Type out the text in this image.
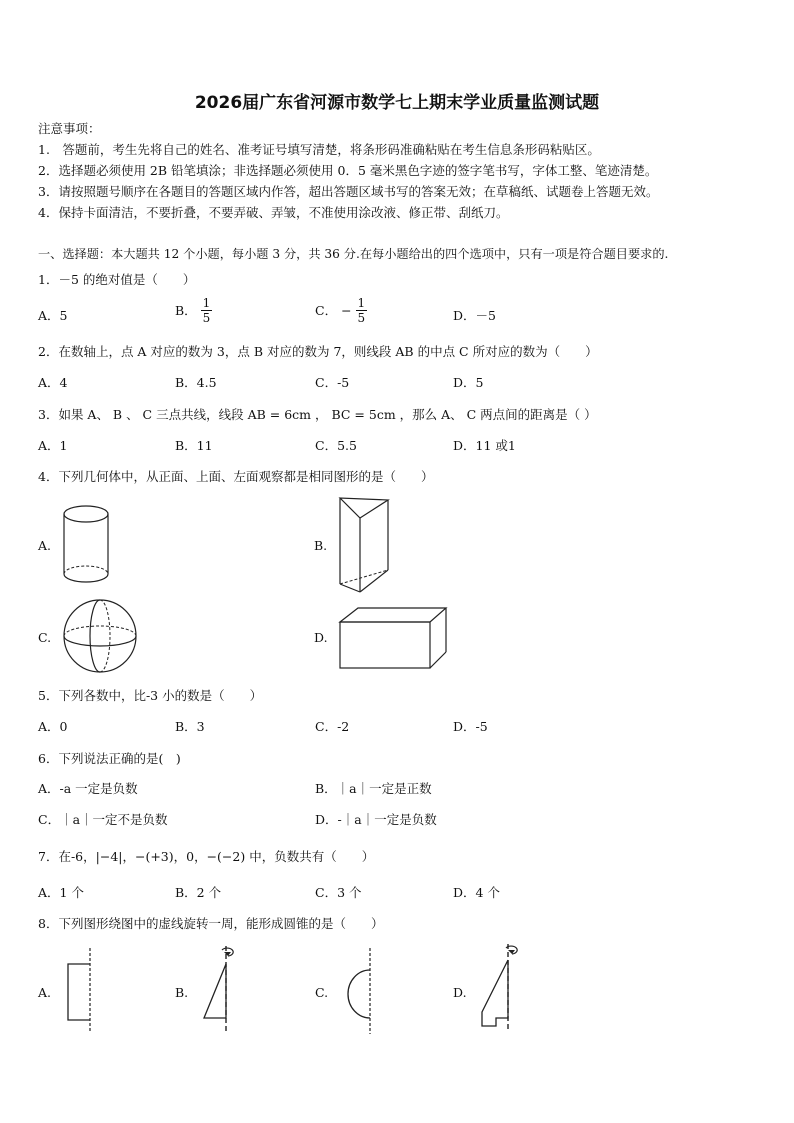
2026届广东省河源市数学七上期末学业质量监测试题
注意事项：
1.　答题前，考生先将自己的姓名、准考证号填写清楚，将条形码准确粘贴在考生信息条形码粘贴区。
2．选择题必须使用 2B 铅笔填涂；非选择题必须使用 0．5 毫米黑色字迹的签字笔书写，字体工整、笔迹清楚。
3．请按照题号顺序在各题目的答题区域内作答，超出答题区域书写的答案无效；在草稿纸、试题卷上答题无效。
4．保持卡面清洁，不要折叠，不要弄破、弄皱，不准使用涂改液、修正带、刮纸刀。
一、选择题：本大题共 12 个小题，每小题 3 分，共 36 分.在每小题给出的四个选项中，只有一项是符合题目要求的.
1．－5 的绝对值是（　　）
A．5	B． $\frac{1}{5}$	C． − $\frac{1}{5}$	D．－5
2．在数轴上，点 A 对应的数为 3，点 B 对应的数为 7，则线段 AB 的中点 C 所对应的数为（　　）
A．4	B．4.5	C．-5	D．5
3．如果 A、 B 、 C 三点共线，线段 AB = 6cm ， BC = 5cm ，那么 A、 C 两点间的距离是（ ）
A．1	B．11	C．5.5	D．11 或1
4．下列几何体中，从正面、上面、左面观察都是相同图形的是（　　）
A.	B.
C.	D.
5．下列各数中，比-3 小的数是（　　）
A．0	B．3	C．-2	D．-5
6．下列说法正确的是(　)
A．-a 一定是负数	B．｜a｜一定是正数
C．｜a｜一定不是负数	D．-｜a｜一定是负数
7．在-6，|−4|，−(+3)，0，−(−2) 中，负数共有（　　）
A．1 个	B．2 个	C．3 个	D．4 个
8．下列图形绕图中的虚线旋转一周，能形成圆锥的是（　　）
A.	B.	C.	D.
